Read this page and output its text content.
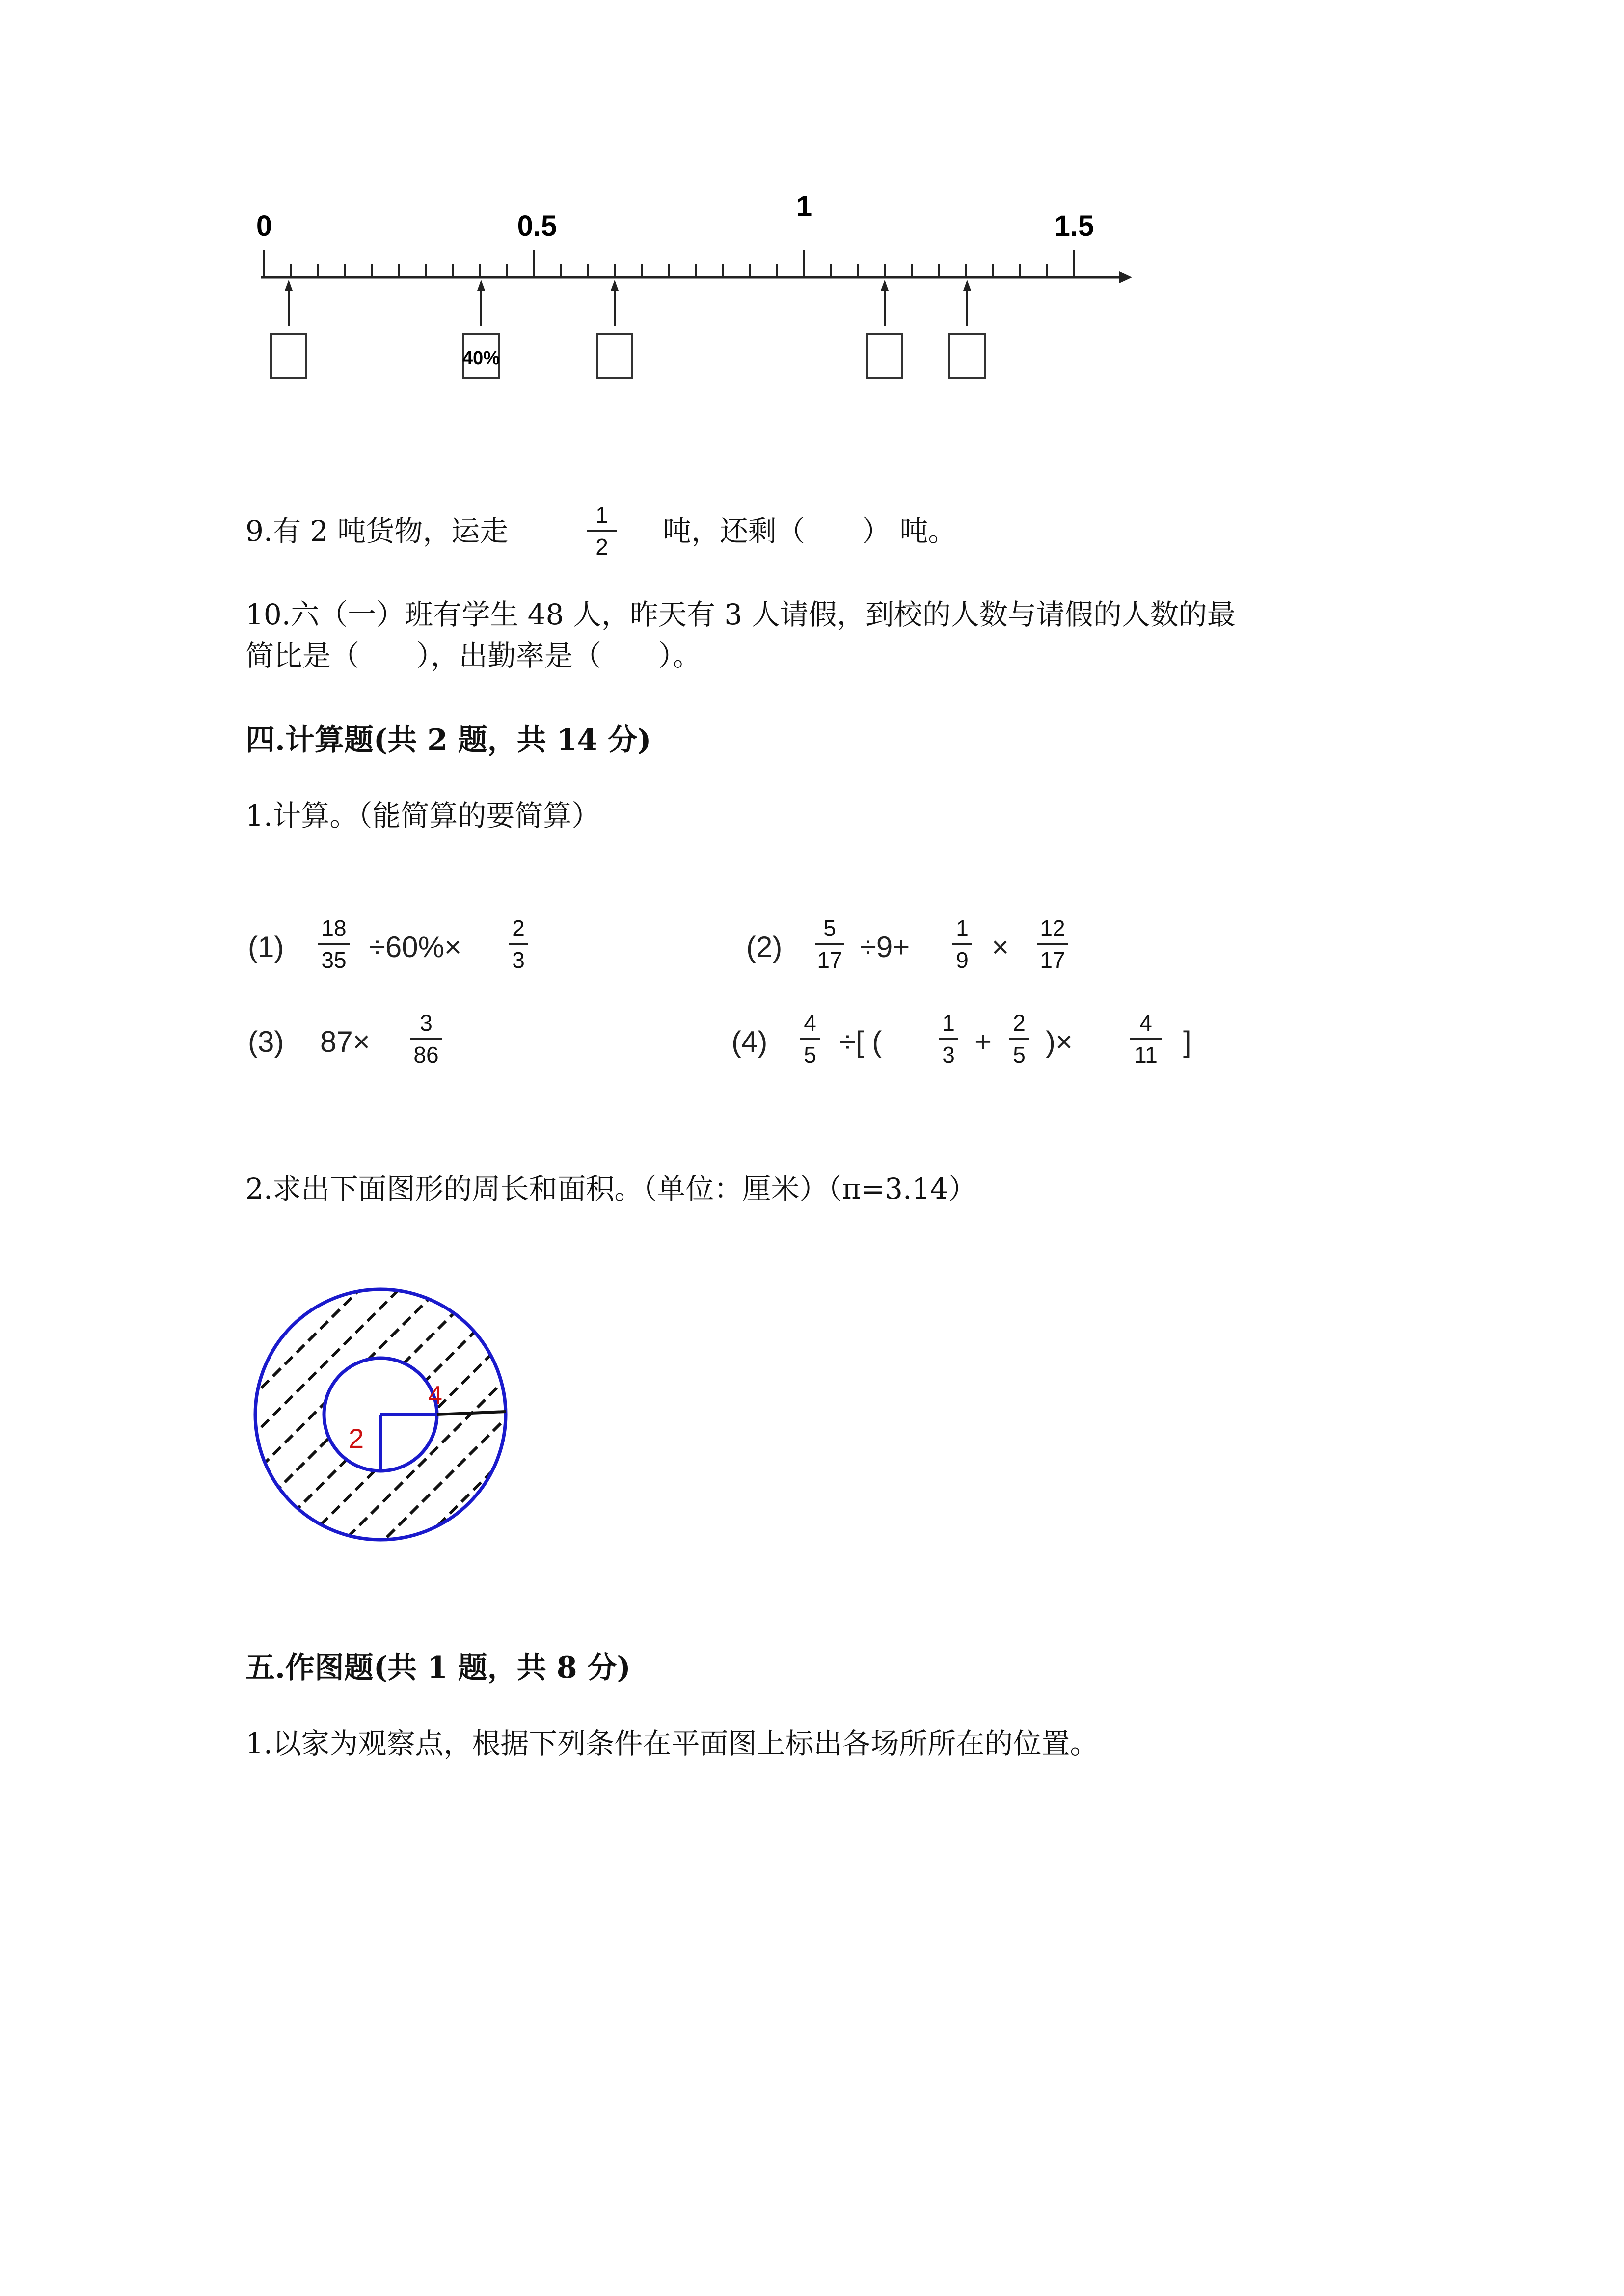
0	0.5
1
1.5
40%
9.有 2 吨货物，运走	1
2 吨，还剩（　　） 吨。
10.六（一）班有学生 48 人，昨天有 3 人请假，到校的人数与请假的人数的最
简比是（　　），出勤率是（　　）。
四.计算题(共 2 题，共 14 分)
1.计算。（能简算的要简算）
(1)
18
35 ÷60%×
2
3	(2)
5
17 ÷9+
1
9 ×
12
17
(3) 87×
3
86	(4)
4
5 ÷[ (
1
3 +
2
5 )×
4
11 ]
2.求出下面图形的周长和面积。（单位：厘米）（π=3.14）
2
4
五.作图题(共 1 题，共 8 分)
1.以家为观察点，根据下列条件在平面图上标出各场所所在的位置。
